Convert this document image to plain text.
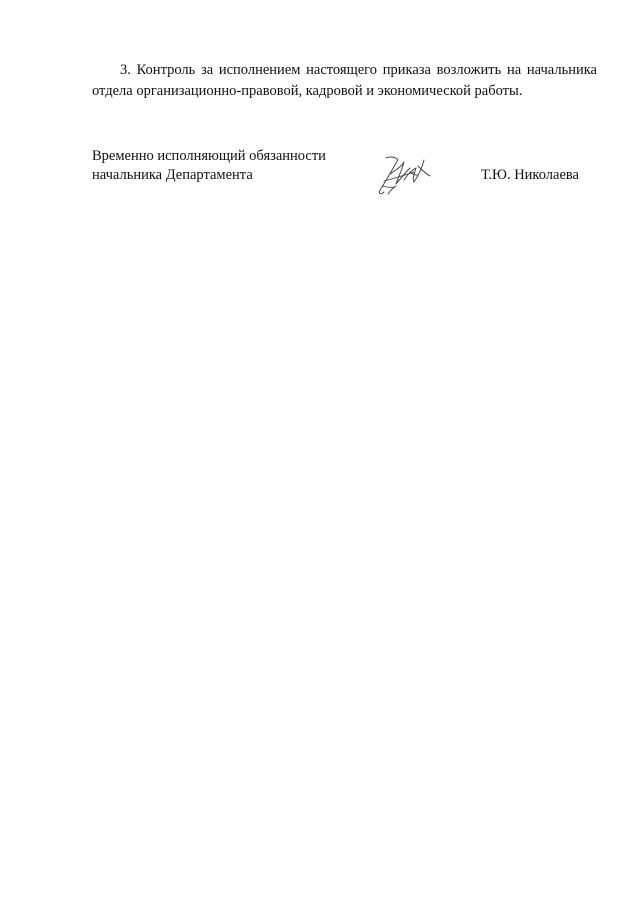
3. Контроль за исполнением настоящего приказа возложить на начальника отдела организационно-правовой, кадровой и экономической работы.

Временно исполняющий обязанности
начальника Департамента	Т.Ю. Николаева
